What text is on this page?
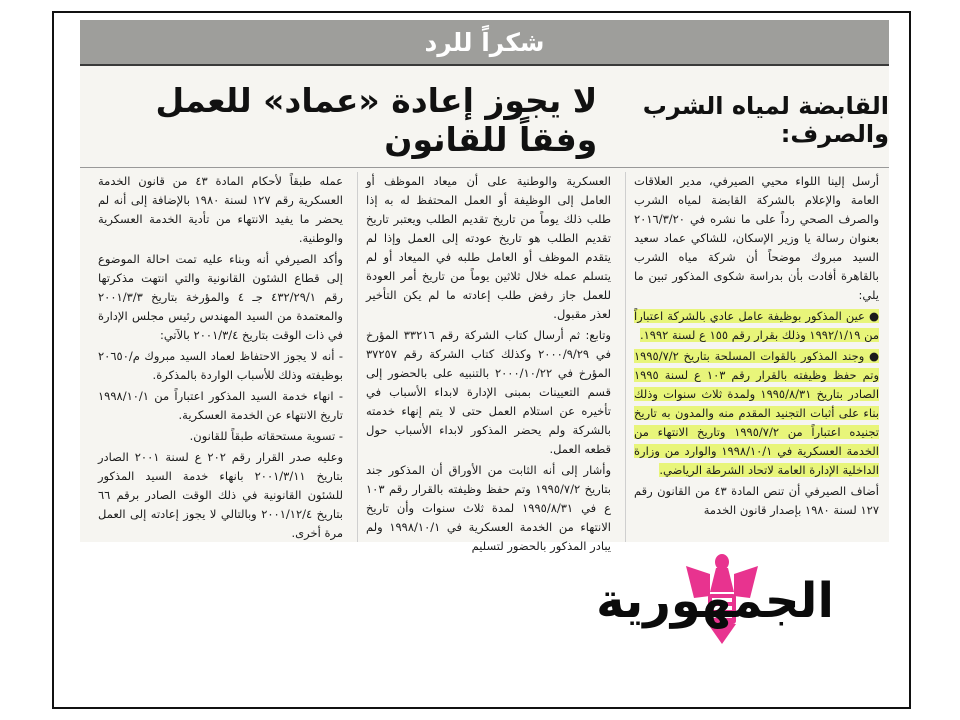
شكراً للرد
القابضة لمياه الشرب والصرف:
لا يجوز إعادة «عماد» للعمل وفقاً للقانون

أرسل إلينا اللواء محيي الصيرفي، مدير العلاقات العامة والإعلام بالشركة القابضة لمياه الشرب والصرف الصحي رداً على ما نشره في ٢٠١٦/٣/٢٠ بعنوان رسالة يا وزير الإسكان، للشاكي عماد سعيد السيد مبروك موضحاً أن شركة مياه الشرب بالقاهرة أفادت بأن بدراسة شكوى المذكور تبين ما يلي:

● عين المذكور بوظيفة عامل عادي بالشركة اعتباراً من ١٩٩٢/١/١٩ وذلك بقرار رقم ١٥٥ ع لسنة ١٩٩٢.

● وجند المذكور بالقوات المسلحة بتاريخ ١٩٩٥/٧/٢ وتم حفظ وظيفته بالقرار رقم ١٠٣ ع لسنة ١٩٩٥ الصادر بتاريخ ١٩٩٥/٨/٣١ ولمدة ثلاث سنوات وذلك بناء على أثبات التجنيد المقدم منه والمدون به تاريخ تجنيده اعتباراً من ١٩٩٥/٧/٢ وتاريخ الانتهاء من الخدمة العسكرية في ١٩٩٨/١٠/١ والوارد من وزارة الداخلية الإدارة العامة لاتحاد الشرطة الرياضي.

أضاف الصيرفي أن تنص المادة ٤٣ من القانون رقم ١٢٧ لسنة ١٩٨٠ بإصدار قانون الخدمة

العسكرية والوطنية على أن ميعاد الموظف أو العامل إلى الوظيفة أو العمل المحتفظ له به إذا طلب ذلك يوماً من تاريخ تقديم الطلب ويعتبر تاريخ تقديم الطلب هو تاريخ عودته إلى العمل وإذا لم يتقدم الموظف أو العامل طلبه في الميعاد أو لم يتسلم عمله خلال ثلاثين يوماً من تاريخ أمر العودة للعمل جاز رفض طلب إعادته ما لم يكن التأخير لعذر مقبول.

وتابع: ثم أرسال كتاب الشركة رقم ٣٣٢١٦ المؤرخ في ٢٠٠٠/٩/٢٩ وكذلك كتاب الشركة رقم ٣٧٢٥٧ المؤرخ في ٢٠٠٠/١٠/٢٢ بالتنبيه على بالحضور إلى قسم التعيينات بمبنى الإدارة لابداء الأسباب في تأخيره عن استلام العمل حتى لا يتم إنهاء خدمته بالشركة ولم يحضر المذكور لابداء الأسباب حول قطعه العمل.

وأشار إلى أنه الثابت من الأوراق أن المذكور جند بتاريخ ١٩٩٥/٧/٢ وتم حفظ وظيفته بالقرار رقم ١٠٣ ع في ١٩٩٥/٨/٣١ لمدة ثلاث سنوات وأن تاريخ الانتهاء من الخدمة العسكرية في ١٩٩٨/١٠/١ ولم يبادر المذكور بالحضور لتسليم

عمله طبقاً لأحكام المادة ٤٣ من قانون الخدمة العسكرية رقم ١٢٧ لسنة ١٩٨٠ بالإضافة إلى أنه لم يحضر ما يفيد الانتهاء من تأدية الخدمة العسكرية والوطنية.

وأكد الصيرفي أنه وبناء عليه تمت احالة الموضوع إلى قطاع الشئون القانونية والتي انتهت مذكرتها رقم ٤٣٢/٢٩/١ جـ ٤ والمؤرخة بتاريخ ٢٠٠١/٣/٣ والمعتمدة من السيد المهندس رئيس مجلس الإدارة في ذات الوقت بتاريخ ٢٠٠١/٣/٤ بالآتي:

- أنه لا يجوز الاحتفاظ لعماد السيد مبروك م/٢٠٦٥٠ بوظيفته وذلك للأسباب الواردة بالمذكرة.

- انهاء خدمة السيد المذكور اعتباراً من ١٩٩٨/١٠/١ تاريخ الانتهاء عن الخدمة العسكرية.

- تسوية مستحقاته طبقاً للقانون.

وعليه صدر القرار رقم ٢٠٢ ع لسنة ٢٠٠١ الصادر بتاريخ ٢٠٠١/٣/١١ بانهاء خدمة السيد المذكور للشئون القانونية في ذلك الوقت الصادر برقم ٦٦ بتاريخ ٢٠٠١/١٢/٤ وبالتالي لا يجوز إعادته إلى العمل مرة أخرى.

الجمهورية
